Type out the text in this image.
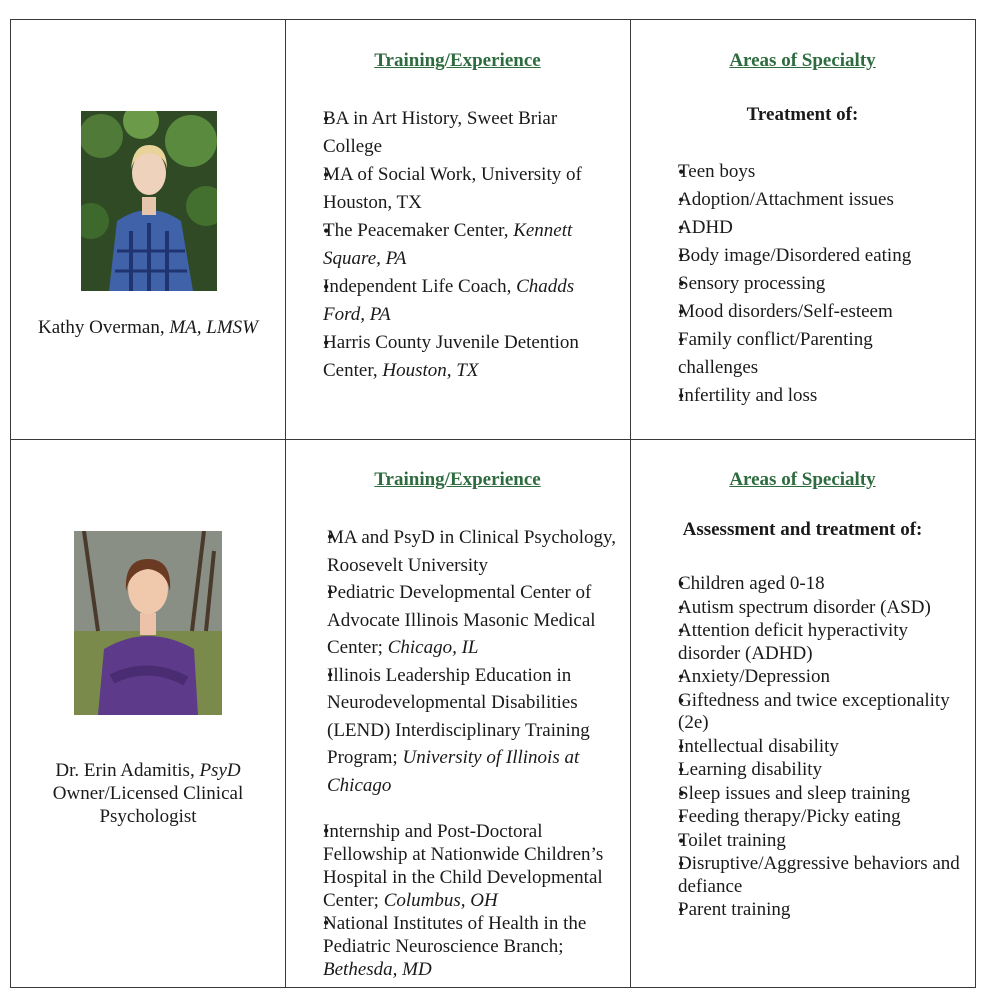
Kathy Overman, MA, LMSW
Training/Experience
• BA in Art History, Sweet Briar College
• MA of Social Work, University of Houston, TX
• The Peacemaker Center, Kennett Square, PA
• Independent Life Coach, Chadds Ford, PA
• Harris County Juvenile Detention Center, Houston, TX
Areas of Specialty
Treatment of:
• Teen boys
• Adoption/Attachment issues
• ADHD
• Body image/Disordered eating
• Sensory processing
• Mood disorders/Self-esteem
• Family conflict/Parenting challenges
• Infertility and loss
Dr. Erin Adamitis, PsyD
Owner/Licensed Clinical Psychologist
Training/Experience
• MA and PsyD in Clinical Psychology, Roosevelt University
• Pediatric Developmental Center of Advocate Illinois Masonic Medical Center; Chicago, IL
• Illinois Leadership Education in Neurodevelopmental Disabilities (LEND) Interdisciplinary Training Program; University of Illinois at Chicago
• Internship and Post-Doctoral Fellowship at Nationwide Children’s Hospital in the Child Developmental Center; Columbus, OH
• National Institutes of Health in the Pediatric Neuroscience Branch; Bethesda, MD
Areas of Specialty
Assessment and treatment of:
• Children aged 0-18
• Autism spectrum disorder (ASD)
• Attention deficit hyperactivity disorder (ADHD)
• Anxiety/Depression
• Giftedness and twice exceptionality (2e)
• Intellectual disability
• Learning disability
• Sleep issues and sleep training
• Feeding therapy/Picky eating
• Toilet training
• Disruptive/Aggressive behaviors and defiance
• Parent training
